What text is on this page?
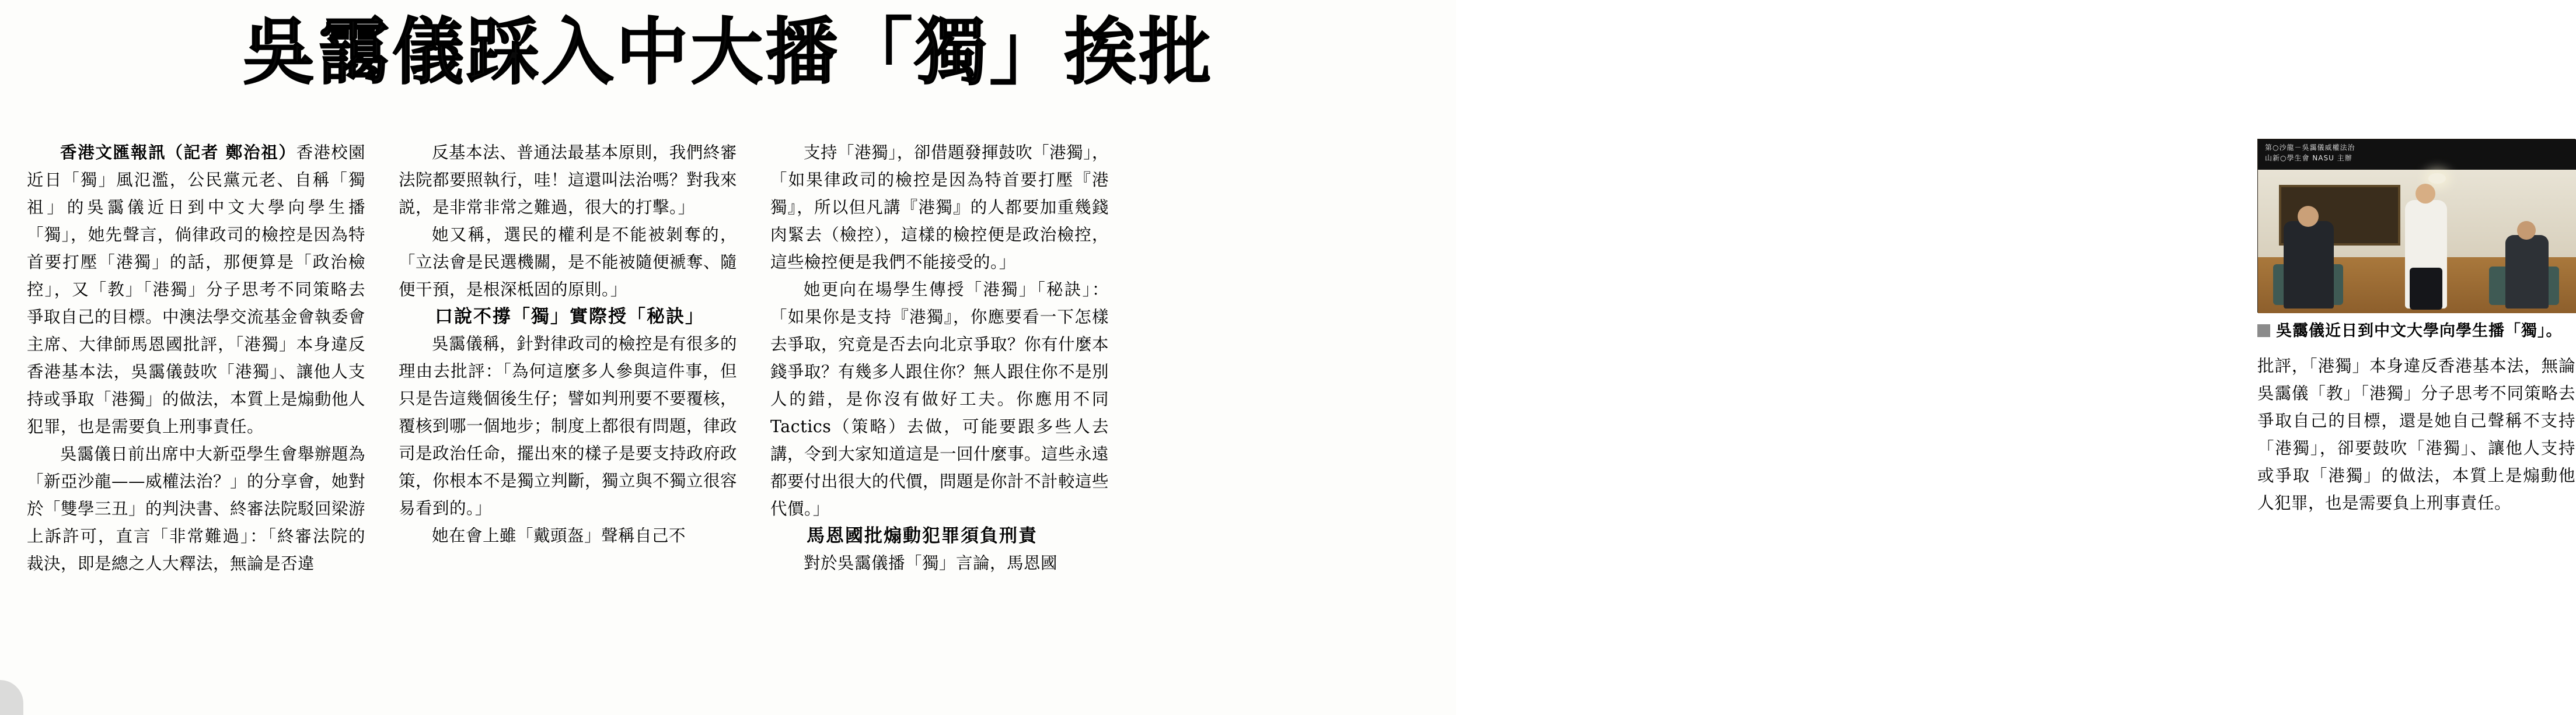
吳靄儀踩入中大播「獨」挨批

香港文匯報訊（記者 鄭治祖）香港校園近日「獨」風氾濫，公民黨元老、自稱「獨祖」的吳靄儀近日到中文大學向學生播「獨」，她先聲言，倘律政司的檢控是因為特首要打壓「港獨」的話，那便算是「政治檢控」，又「教」「港獨」分子思考不同策略去爭取自己的目標。中澳法學交流基金會執委會主席、大律師馬恩國批評，「港獨」本身違反香港基本法，吳靄儀鼓吹「港獨」、讓他人支持或爭取「港獨」的做法，本質上是煽動他人犯罪，也是需要負上刑事責任。

吳靄儀日前出席中大新亞學生會舉辦題為「新亞沙龍——威權法治？」的分享會，她對於「雙學三丑」的判決書、終審法院駁回梁游上訴許可，直言「非常難過」：「終審法院的裁決，即是總之人大釋法，無論是否違

反基本法、普通法最基本原則，我們終審法院都要照執行，哇！這還叫法治嗎？對我來説，是非常非常之難過，很大的打擊。」

她又稱，選民的權利是不能被剝奪的，「立法會是民選機關，是不能被隨便褫奪、隨便干預，是根深柢固的原則。」

口說不撐「獨」實際授「秘訣」

吳靄儀稱，針對律政司的檢控是有很多的理由去批評：「為何這麼多人參與這件事，但只是告這幾個後生仔；譬如判刑要不要覆核，覆核到哪一個地步；制度上都很有問題，律政司是政治任命，擺出來的樣子是要支持政府政策，你根本不是獨立判斷，獨立與不獨立很容易看到的。」

她在會上雖「戴頭盔」聲稱自己不

支持「港獨」，卻借題發揮鼓吹「港獨」，「如果律政司的檢控是因為特首要打壓『港獨』，所以但凡講『港獨』的人都要加重幾錢肉緊去（檢控），這樣的檢控便是政治檢控，這些檢控便是我們不能接受的。」

她更向在場學生傳授「港獨」「秘訣」：「如果你是支持『港獨』，你應要看一下怎樣去爭取，究竟是否去向北京爭取？你有什麼本錢爭取？有幾多人跟住你？無人跟住你不是別人的錯，是你沒有做好工夫。你應用不同 Tactics（策略）去做，可能要跟多些人去講，令到大家知道這是一回什麼事。這些永遠都要付出很大的代價，問題是你計不計較這些代價。」

馬恩國批煽動犯罪須負刑責

對於吳靄儀播「獨」言論，馬恩國

第○沙龍－吳靄儀威權法治
山新○學生會 NASU 主辦
吳靄儀近日到中文大學向學生播「獨」。
批評，「港獨」本身違反香港基本法，無論吳靄儀「教」「港獨」分子思考不同策略去爭取自己的目標，還是她自己聲稱不支持「港獨」，卻要鼓吹「港獨」、讓他人支持或爭取「港獨」的做法，本質上是煽動他人犯罪，也是需要負上刑事責任。
